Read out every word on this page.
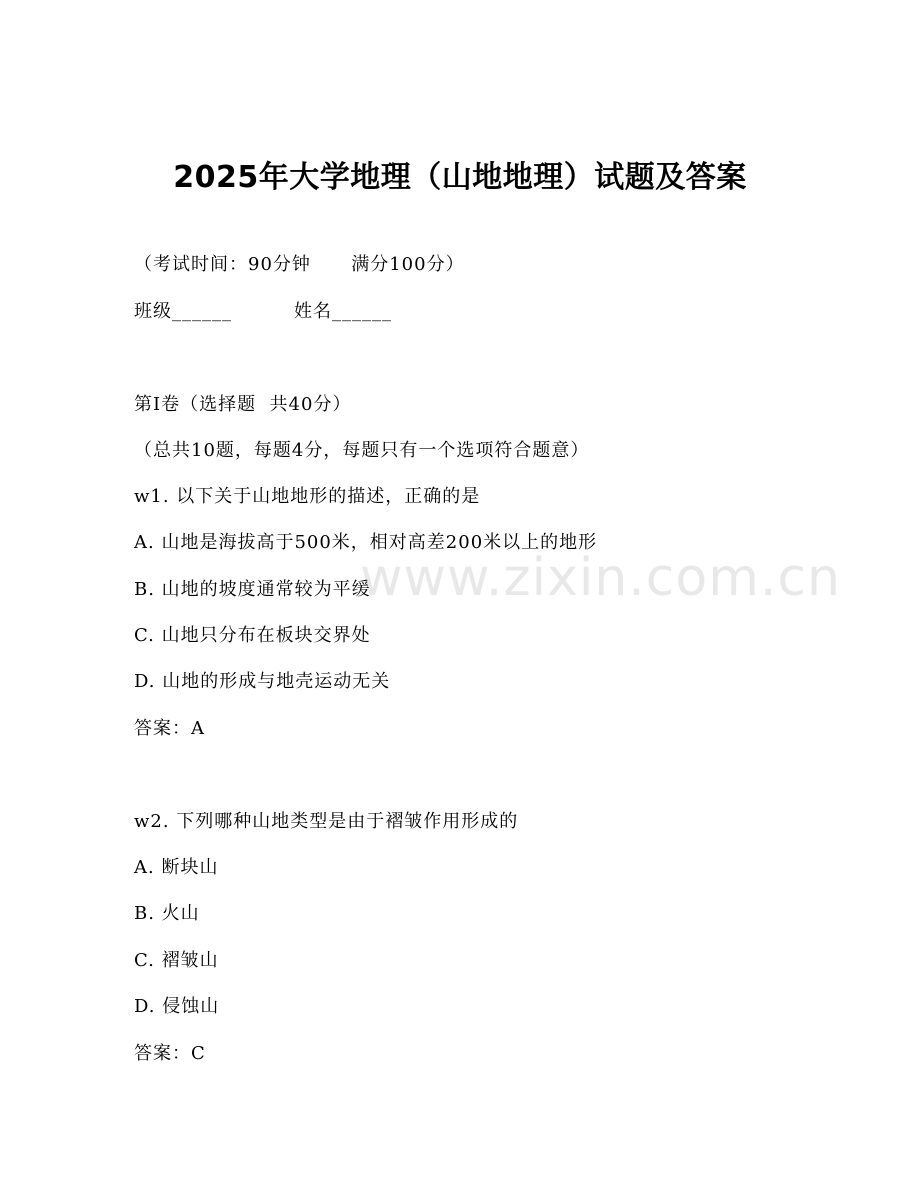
2025年大学地理（山地地理）试题及答案
（考试时间：90分钟      满分100分）
班级______	姓名______
第I卷（选择题  共40分）
（总共10题，每题4分，每题只有一个选项符合题意）
w1. 以下关于山地地形的描述，正确的是
A. 山地是海拔高于500米，相对高差200米以上的地形
B. 山地的坡度通常较为平缓
C. 山地只分布在板块交界处
D. 山地的形成与地壳运动无关
答案：A
w2. 下列哪种山地类型是由于褶皱作用形成的
A. 断块山
B. 火山
C. 褶皱山
D. 侵蚀山
答案：C
www.zixin.com.cn
